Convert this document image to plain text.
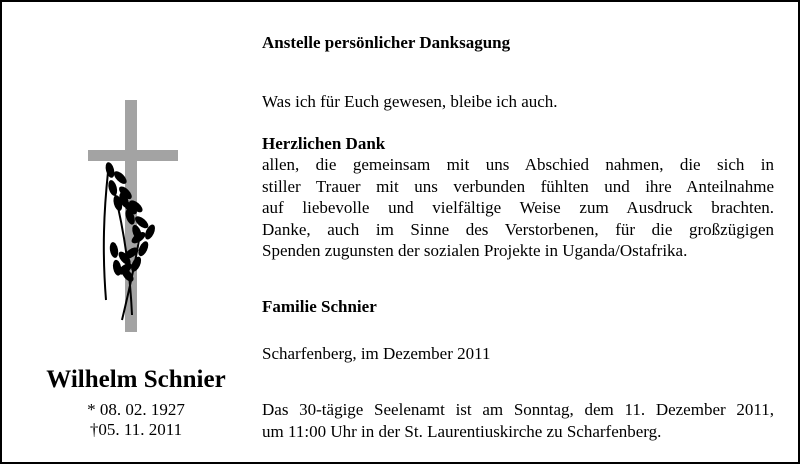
Wilhelm Schnier
* 08. 02. 1927
†05. 11. 2011
Anstelle persönlicher Danksagung
Was ich für Euch gewesen, bleibe ich auch.
Herzlichen Dank
allen, die gemeinsam mit uns Abschied nahmen, die sich in
stiller Trauer mit uns verbunden fühlten und ihre Anteilnahme
auf liebevolle und vielfältige Weise zum Ausdruck brachten.
Danke, auch im Sinne des Verstorbenen, für die großzügigen
Spenden zugunsten der sozialen Projekte in Uganda/Ostafrika.
Familie Schnier
Scharfenberg, im Dezember 2011
Das 30-tägige Seelenamt ist am Sonntag, dem 11. Dezember 2011,
um 11:00 Uhr in der St. Laurentiuskirche zu Scharfenberg.
